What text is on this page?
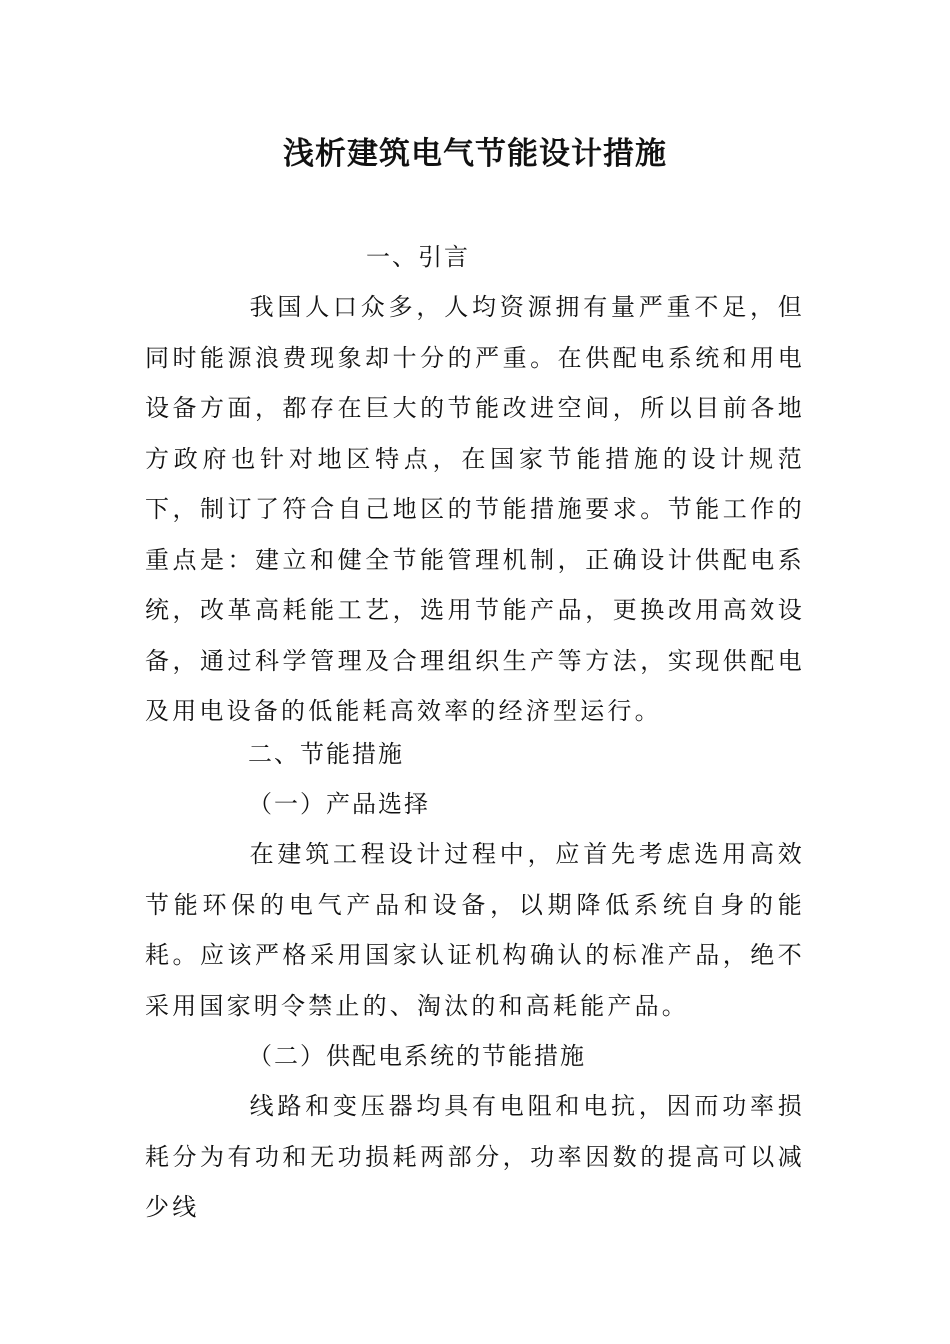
浅析建筑电气节能设计措施
一、引言

我国人口众多，人均资源拥有量严重不足，但同时能源浪费现象却十分的严重。在供配电系统和用电设备方面，都存在巨大的节能改进空间，所以目前各地方政府也针对地区特点，在国家节能措施的设计规范下，制订了符合自己地区的节能措施要求。节能工作的重点是：建立和健全节能管理机制，正确设计供配电系统，改革高耗能工艺，选用节能产品，更换改用高效设备，通过科学管理及合理组织生产等方法，实现供配电及用电设备的低能耗高效率的经济型运行。

二、节能措施
（一）产品选择

在建筑工程设计过程中，应首先考虑选用高效节能环保的电气产品和设备，以期降低系统自身的能耗。应该严格采用国家认证机构确认的标准产品，绝不采用国家明令禁止的、淘汰的和高耗能产品。

（二）供配电系统的节能措施

线路和变压器均具有电阻和电抗，因而功率损耗分为有功和无功损耗两部分，功率因数的提高可以减少线
